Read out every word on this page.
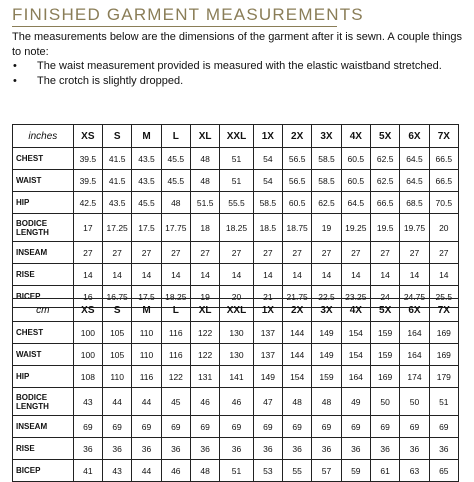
FINISHED GARMENT MEASUREMENTS

The measurements below are the dimensions of the garment after it is sewn. A couple things to note:

• The waist measurement provided is measured with the elastic waistband stretched.
• The crotch is slightly dropped.
inches	XS	S	M	L	XL	XXL	1X	2X	3X	4X	5X	6X	7X
CHEST	39.5	41.5	43.5	45.5	48	51	54	56.5	58.5	60.5	62.5	64.5	66.5
WAIST	39.5	41.5	43.5	45.5	48	51	54	56.5	58.5	60.5	62.5	64.5	66.5
HIP	42.5	43.5	45.5	48	51.5	55.5	58.5	60.5	62.5	64.5	66.5	68.5	70.5
BODICE LENGTH	17	17.25	17.5	17.75	18	18.25	18.5	18.75	19	19.25	19.5	19.75	20
INSEAM	27	27	27	27	27	27	27	27	27	27	27	27	27
RISE	14	14	14	14	14	14	14	14	14	14	14	14	14
BICEP	16	16.75	17.5	18.25	19	20	21	21.75	22.5	23.25	24	24.75	25.5
cm	XS	S	M	L	XL	XXL	1X	2X	3X	4X	5X	6X	7X
CHEST	100	105	110	116	122	130	137	144	149	154	159	164	169
WAIST	100	105	110	116	122	130	137	144	149	154	159	164	169
HIP	108	110	116	122	131	141	149	154	159	164	169	174	179
BODICE LENGTH	43	44	44	45	46	46	47	48	48	49	50	50	51
INSEAM	69	69	69	69	69	69	69	69	69	69	69	69	69
RISE	36	36	36	36	36	36	36	36	36	36	36	36	36
BICEP	41	43	44	46	48	51	53	55	57	59	61	63	65
